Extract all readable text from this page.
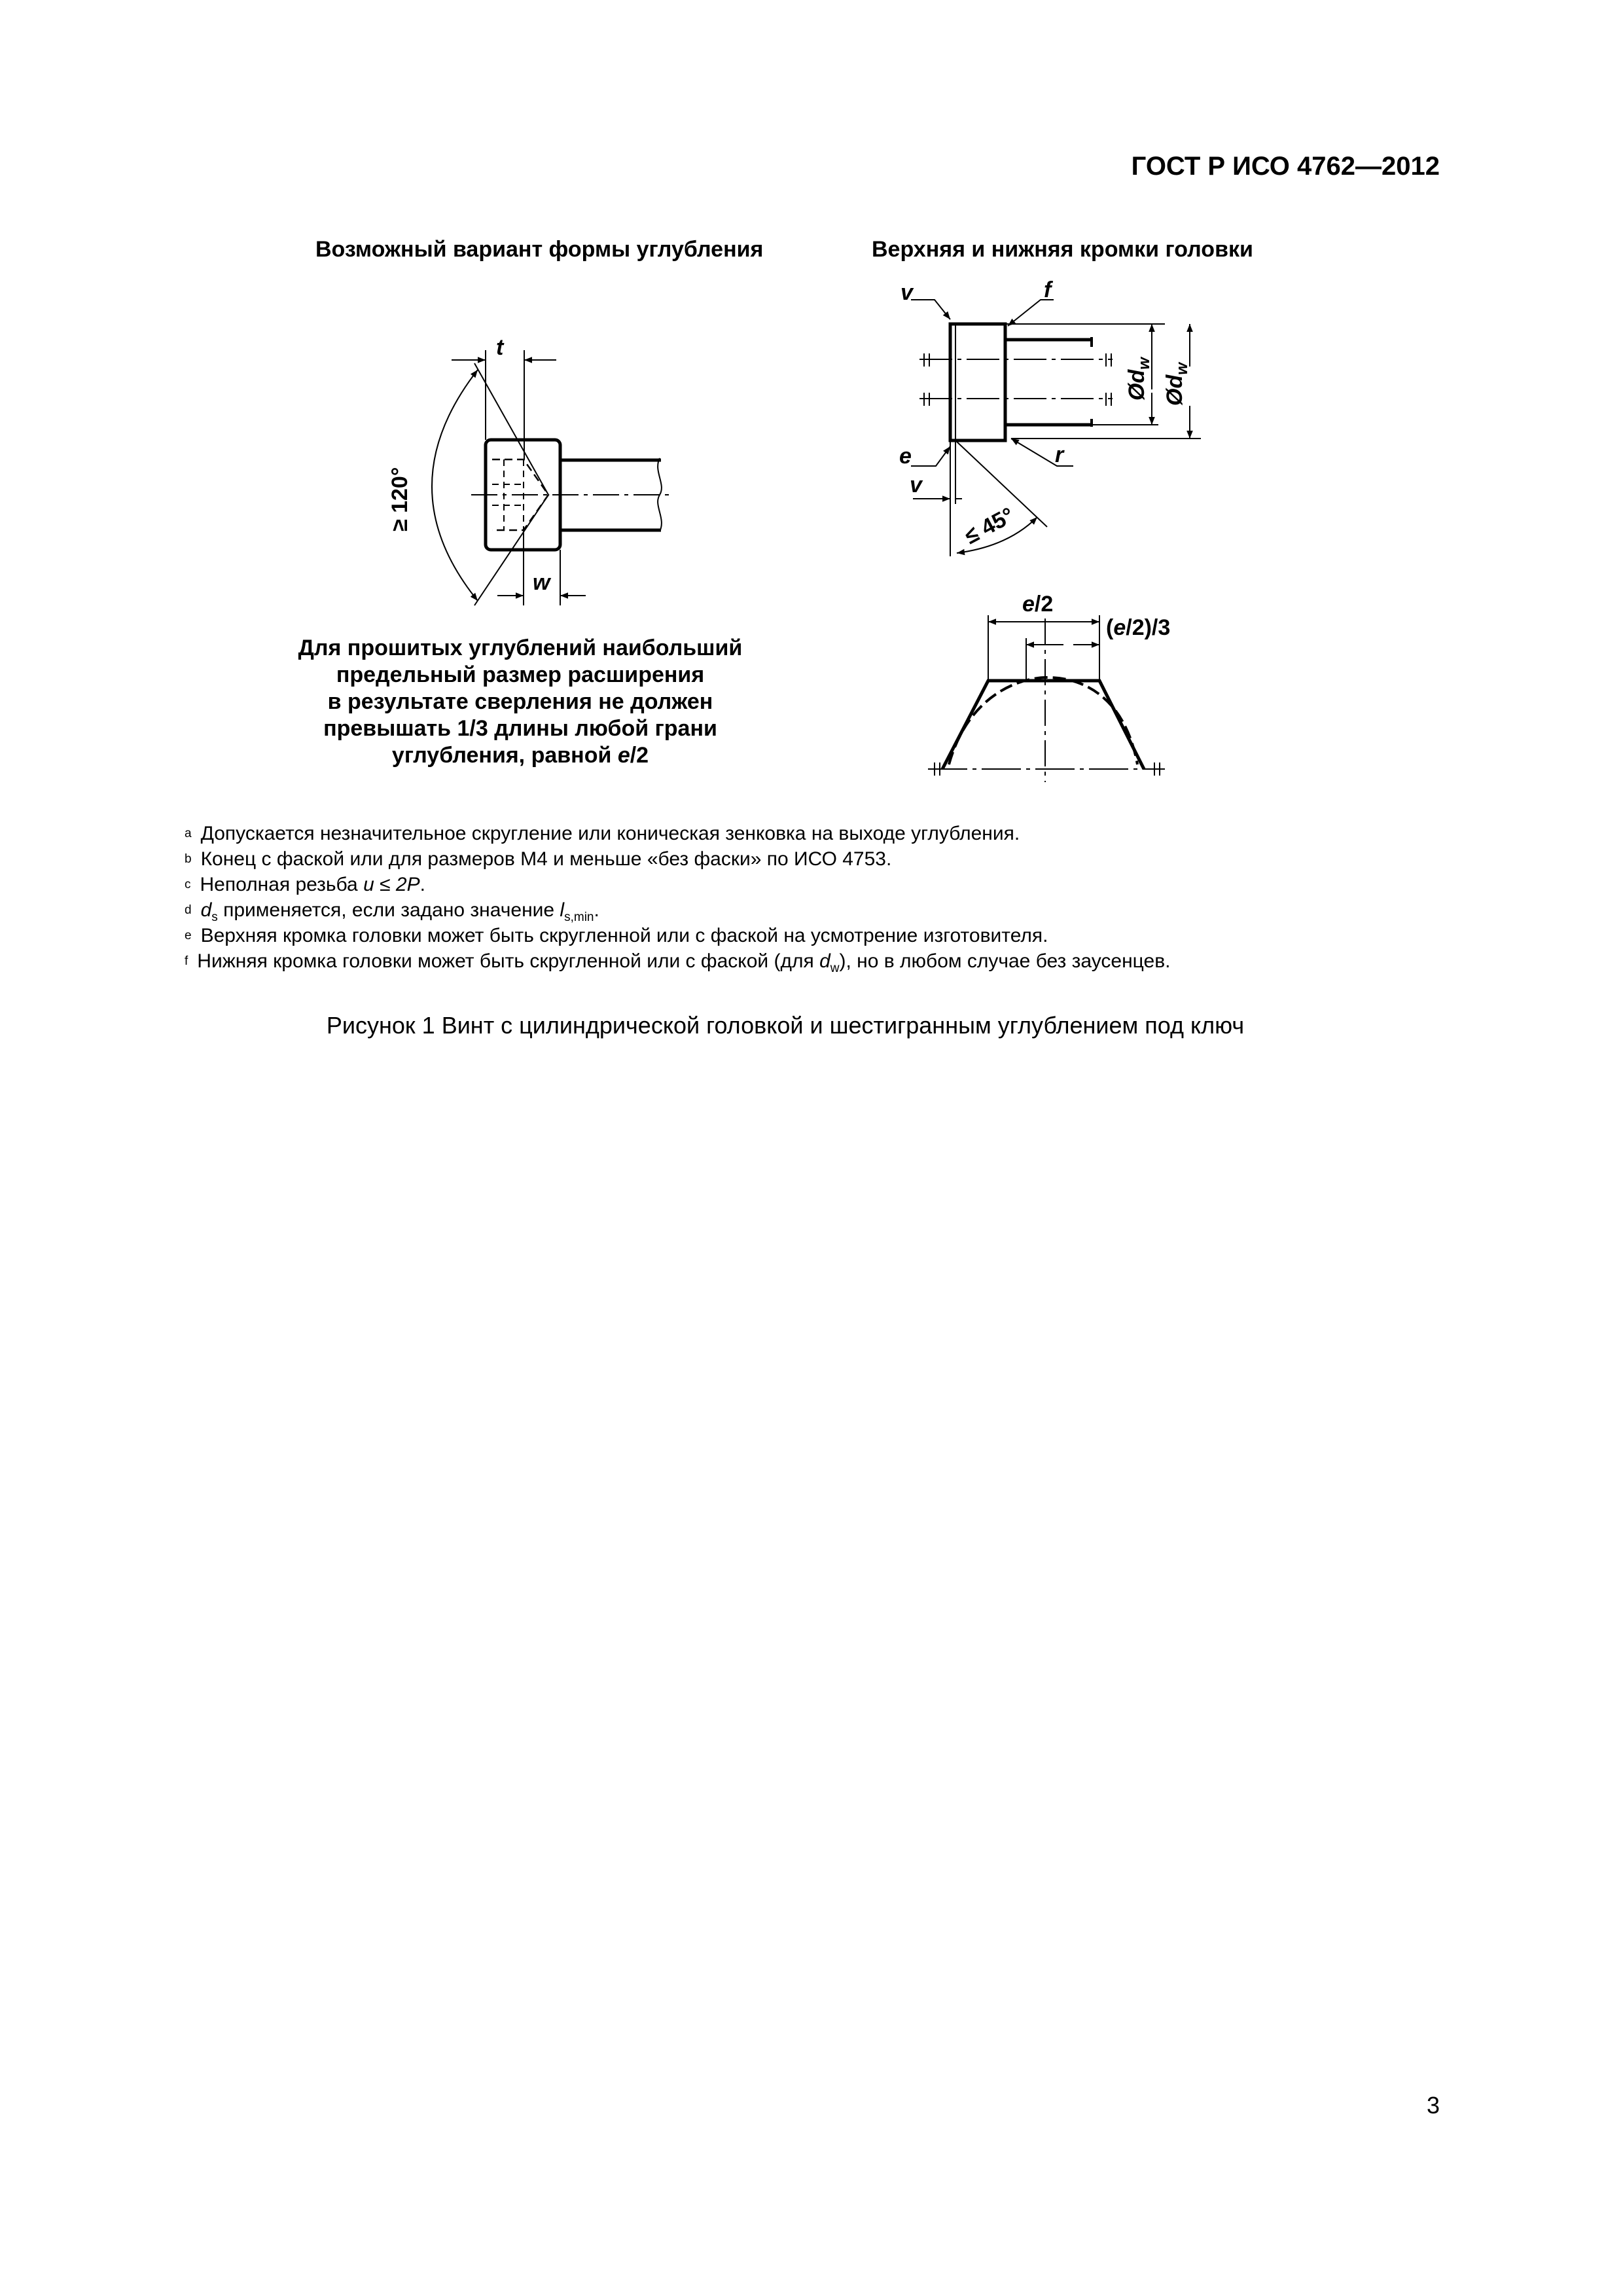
ГОСТ Р ИСО 4762—2012
Возможный вариант формы углубления	Верхняя и нижняя кромки головки
t
w
≥ 120°
v	f
e
v
r
$Ød_w$
$Ød_w$
≤ 45°
e/2
(e/2)/3
Для прошитых углублений наибольший
предельный размер расширения
в результате сверления не должен
превышать 1/3 длины любой грани
углубления, равной e/2
$^a$ Допускается незначительное скругление или коническая зенковка на выходе углубления.
$^b$ Конец с фаской или для размеров М4 и меньше «без фаски» по ИСО 4753.
$^c$ Неполная резьба u ≤ 2P.
$^d$ $d_s$ применяется, если задано значение $l_{s,min}$.
$^e$ Верхняя кромка головки может быть скругленной или с фаской на усмотрение изготовителя.
$^f$ Нижняя кромка головки может быть скругленной или с фаской (для $d_w$), но в любом случае без заусенцев.
Рисунок 1 Винт с цилиндрической головкой и шестигранным углублением под ключ
3
